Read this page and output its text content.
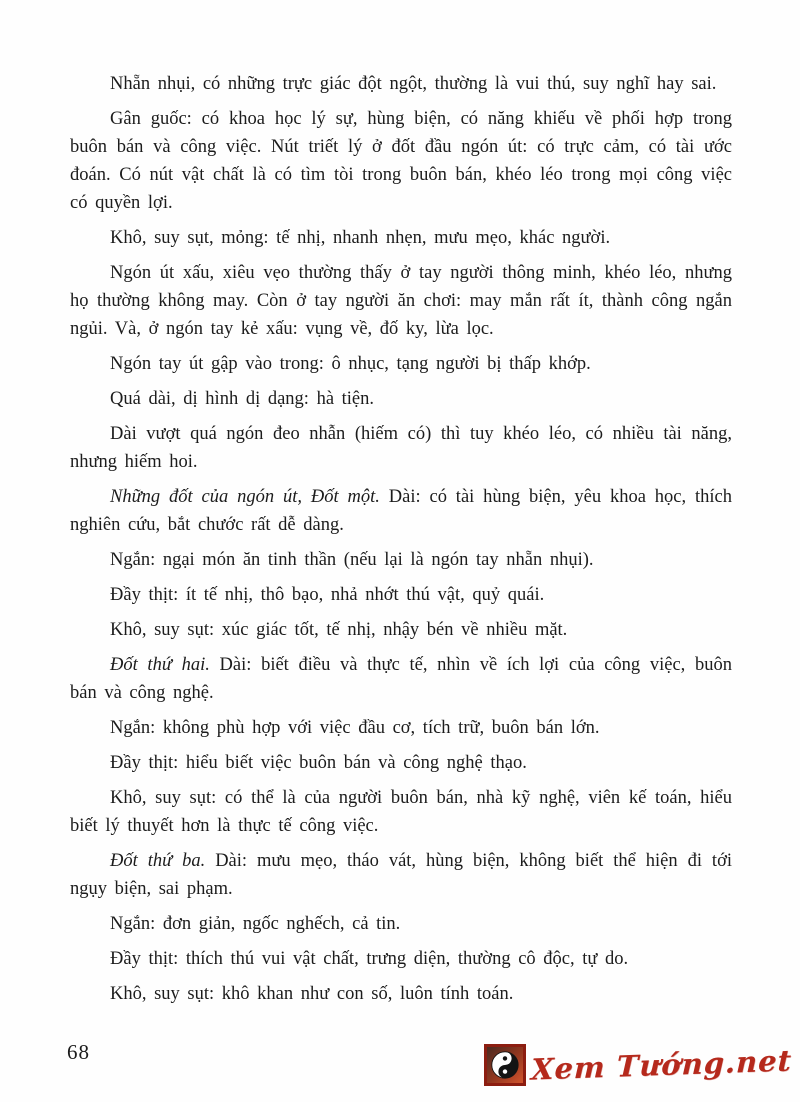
Nhẵn nhụi, có những trực giác đột ngột, thường là vui thú, suy nghĩ hay sai.

Gân guốc: có khoa học lý sự, hùng biện, có năng khiếu về phối hợp trong buôn bán và công việc. Nút triết lý ở đốt đầu ngón út: có trực cảm, có tài ước đoán. Có nút vật chất là có tìm tòi trong buôn bán, khéo léo trong mọi công việc có quyền lợi.

Khô, suy sụt, mỏng: tế nhị, nhanh nhẹn, mưu mẹo, khác người.

Ngón út xấu, xiêu vẹo thường thấy ở tay người thông minh, khéo léo, nhưng họ thường không may. Còn ở tay người ăn chơi: may mắn rất ít, thành công ngắn ngủi. Và, ở ngón tay kẻ xấu: vụng về, đố ky, lừa lọc.

Ngón tay út gập vào trong: ô nhục, tạng người bị thấp khớp.

Quá dài, dị hình dị dạng: hà tiện.

Dài vượt quá ngón đeo nhẫn (hiếm có) thì tuy khéo léo, có nhiều tài năng, nhưng hiếm hoi.

Những đốt của ngón út, Đốt một. Dài: có tài hùng biện, yêu khoa học, thích nghiên cứu, bắt chước rất dễ dàng.

Ngắn: ngại món ăn tinh thần (nếu lại là ngón tay nhẵn nhụi).

Đầy thịt: ít tế nhị, thô bạo, nhả nhớt thú vật, quỷ quái.

Khô, suy sụt: xúc giác tốt, tế nhị, nhậy bén về nhiều mặt.

Đốt thứ hai. Dài: biết điều và thực tế, nhìn về ích lợi của công việc, buôn bán và công nghệ.

Ngắn: không phù hợp với việc đầu cơ, tích trữ, buôn bán lớn.

Đầy thịt: hiểu biết việc buôn bán và công nghệ thạo.

Khô, suy sụt: có thể là của người buôn bán, nhà kỹ nghệ, viên kế toán, hiểu biết lý thuyết hơn là thực tế công việc.

Đốt thứ ba. Dài: mưu mẹo, tháo vát, hùng biện, không biết thể hiện đi tới ngụy biện, sai phạm.

Ngắn: đơn giản, ngốc nghếch, cả tin.

Đầy thịt: thích thú vui vật chất, trưng diện, thường cô độc, tự do.

Khô, suy sụt: khô khan như con số, luôn tính toán.

68	Xem Tướng.net
